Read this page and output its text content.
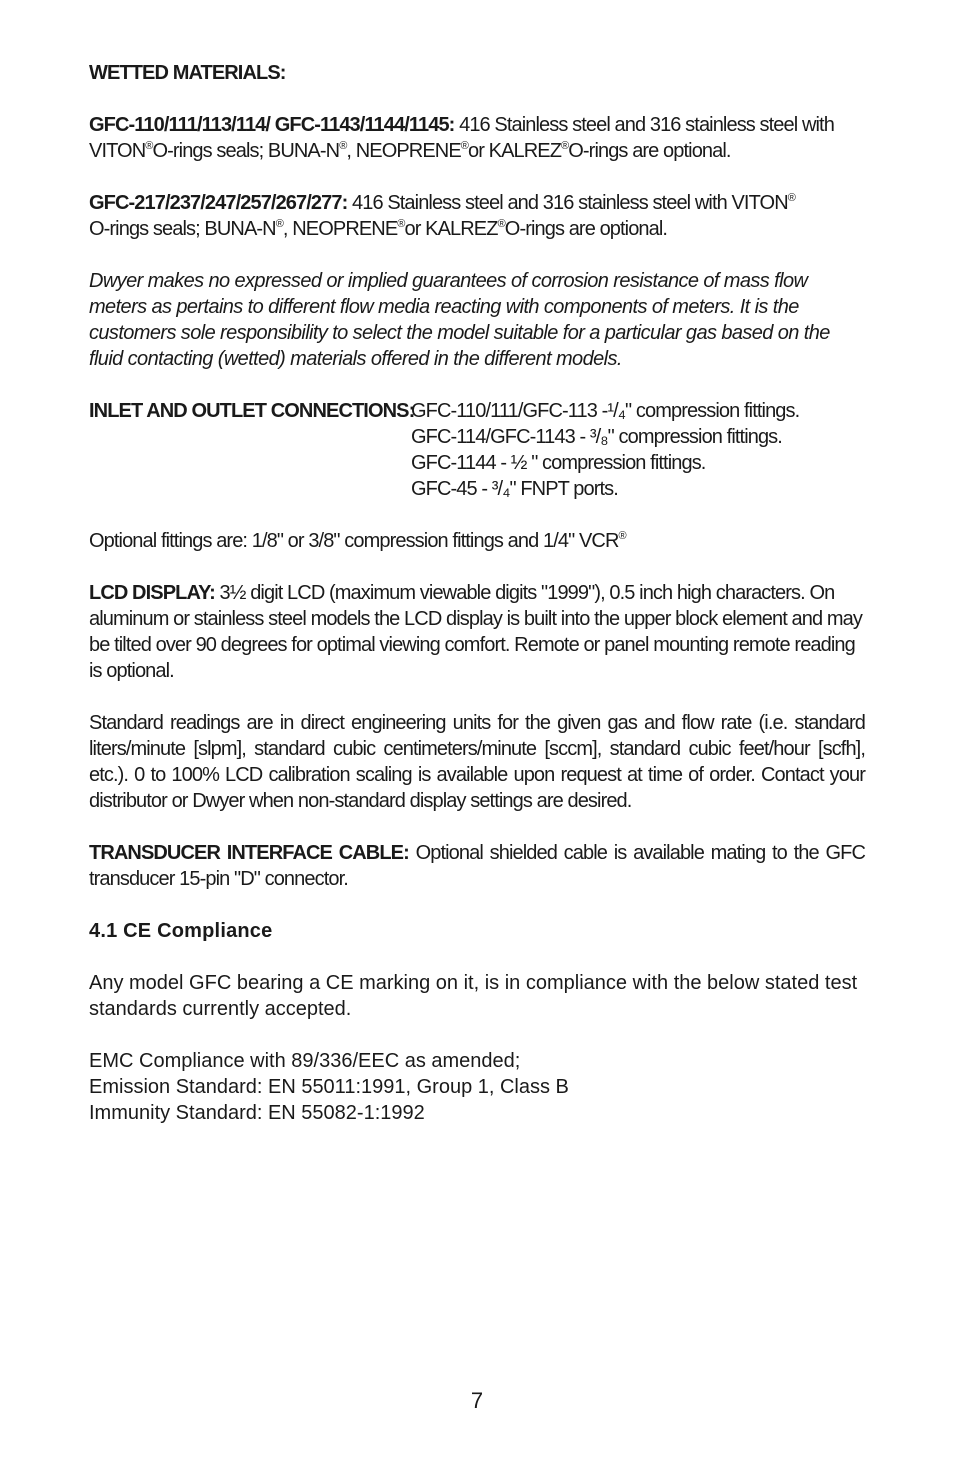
WETTED MATERIALS:
GFC-110/111/113/114/ GFC-1143/1144/1145: 416 Stainless steel and 316 stainless steel with VITON®O-rings seals; BUNA-N®, NEOPRENE®or KALREZ®O-rings are optional.
GFC-217/237/247/257/267/277: 416 Stainless steel and 316 stainless steel with VITON®
O-rings seals; BUNA-N®, NEOPRENE®or KALREZ®O-rings are optional.
Dwyer makes no expressed or implied guarantees of corrosion resistance of mass flow meters as pertains to different flow media reacting with components of meters. It is the customers sole responsibility to select the model suitable for a particular gas based on the fluid contacting (wetted) materials offered in the different models.
INLET AND OUTLET CONNECTIONS:
GFC-110/111/GFC-113 -¹/₄" compression fittings.
GFC-114/GFC-1143 - ³/₈" compression fittings.
GFC-1144 - ½ " compression fittings.
GFC-45 - ³/₄" FNPT ports.
Optional fittings are: 1/8" or 3/8" compression fittings and 1/4" VCR®
LCD DISPLAY: 3½ digit LCD (maximum viewable digits "1999"), 0.5 inch high characters. On aluminum or stainless steel models the LCD display is built into the upper block element and may be tilted over 90 degrees for optimal viewing comfort. Remote or panel mounting remote reading is optional.
Standard readings are in direct engineering units for the given gas and flow rate (i.e. standard liters/minute [slpm], standard cubic centimeters/minute [sccm], standard cubic feet/hour [scfh], etc.). 0 to 100% LCD calibration scaling is available upon request at time of order. Contact your distributor or Dwyer when non-standard display settings are desired.
TRANSDUCER INTERFACE CABLE: Optional shielded cable is available mating to the GFC transducer 15-pin "D" connector.
4.1 CE Compliance
Any model GFC bearing a CE marking on it, is in compliance with the below stated test standards currently accepted.
EMC Compliance with 89/336/EEC as amended;
Emission Standard: EN 55011:1991, Group 1, Class B
Immunity Standard: EN 55082-1:1992
7
